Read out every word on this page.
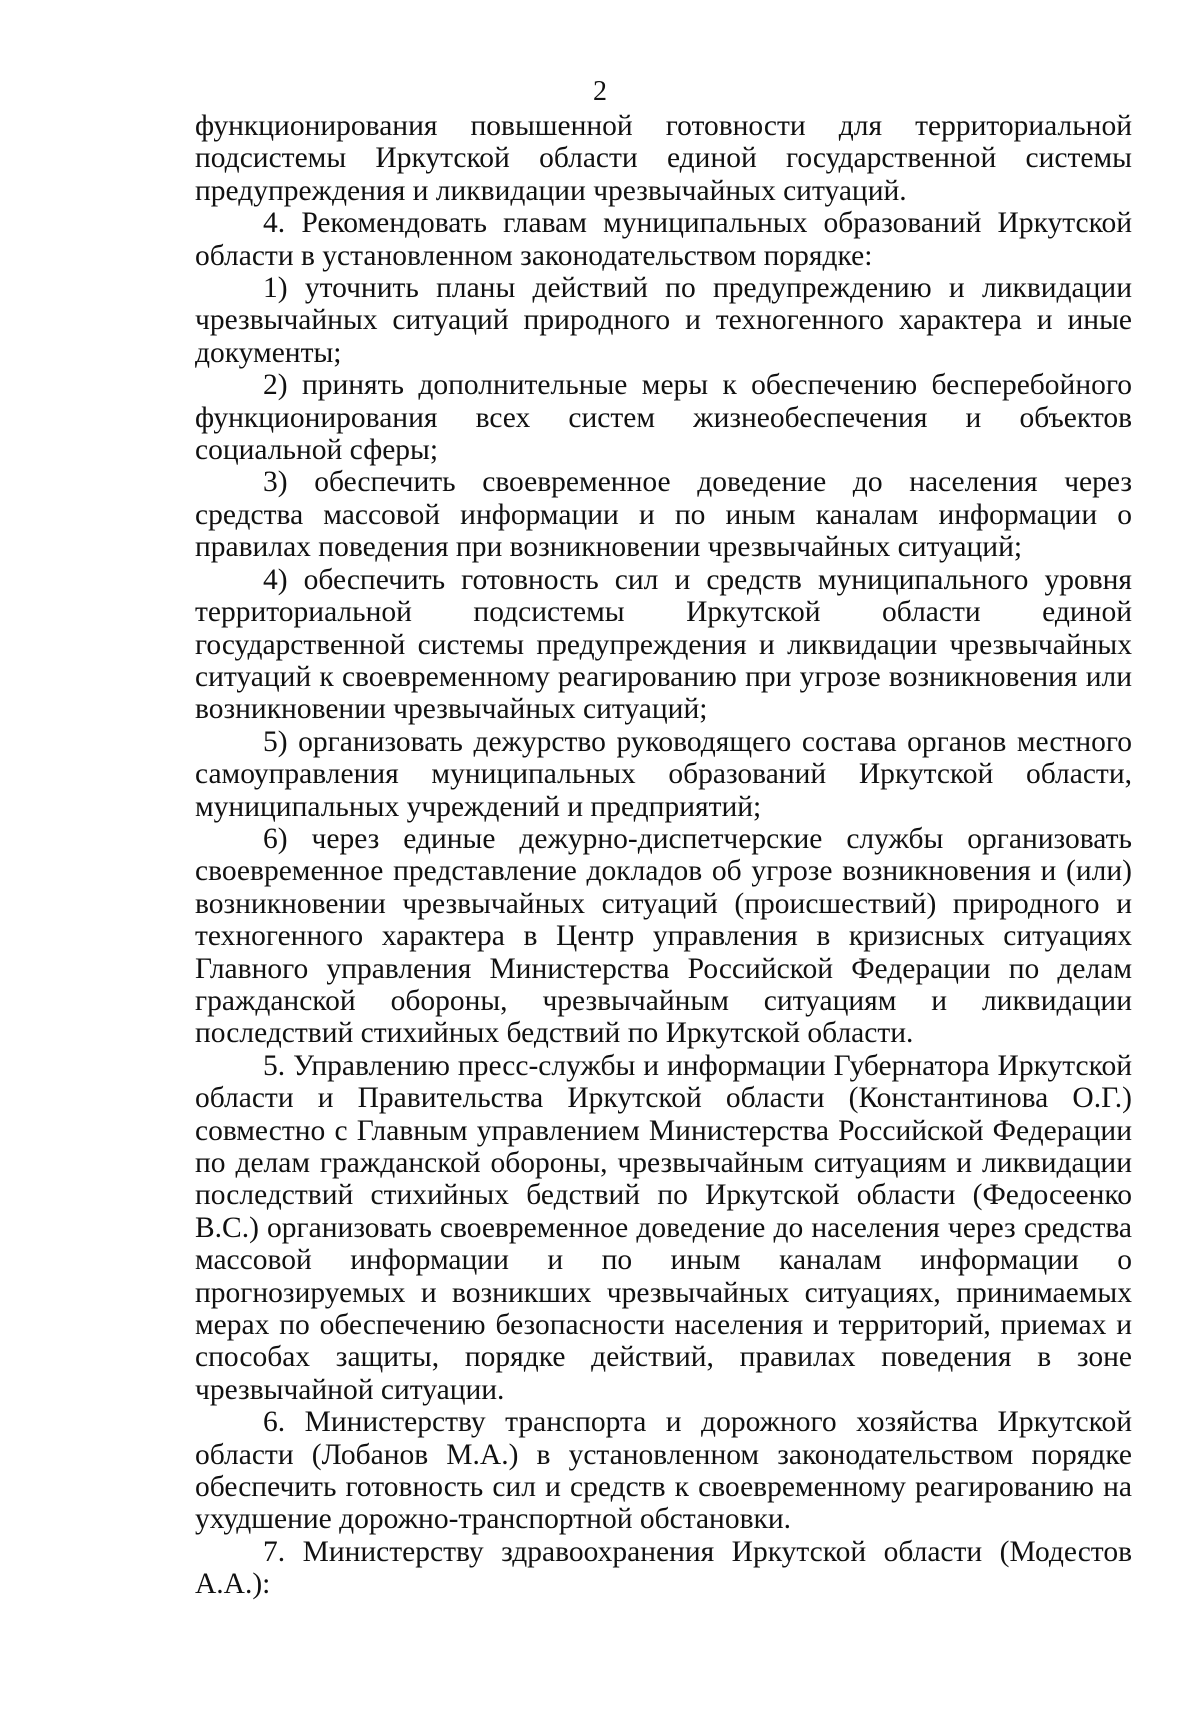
2

функционирования повышенной готовности для территориальной подсистемы Иркутской области единой государственной системы предупреждения и ликвидации чрезвычайных ситуаций.

4. Рекомендовать главам муниципальных образований Иркутской области в установленном законодательством порядке:

1) уточнить планы действий по предупреждению и ликвидации чрезвычайных ситуаций природного и техногенного характера и иные документы;

2) принять дополнительные меры к обеспечению бесперебойного функционирования всех систем жизнеобеспечения и объектов социальной сферы;

3) обеспечить своевременное доведение до населения через средства массовой информации и по иным каналам информации о правилах поведения при возникновении чрезвычайных ситуаций;

4) обеспечить готовность сил и средств муниципального уровня территориальной подсистемы Иркутской области единой государственной системы предупреждения и ликвидации чрезвычайных ситуаций к своевременному реагированию при угрозе возникновения или возникновении чрезвычайных ситуаций;

5) организовать дежурство руководящего состава органов местного самоуправления муниципальных образований Иркутской области, муниципальных учреждений и предприятий;

6) через единые дежурно-диспетчерские службы организовать своевременное представление докладов об угрозе возникновения и (или) возникновении чрезвычайных ситуаций (происшествий) природного и техногенного характера в Центр управления в кризисных ситуациях Главного управления Министерства Российской Федерации по делам гражданской обороны, чрезвычайным ситуациям и ликвидации последствий стихийных бедствий по Иркутской области.

5. Управлению пресс-службы и информации Губернатора Иркутской области и Правительства Иркутской области (Константинова О.Г.) совместно с Главным управлением Министерства Российской Федерации по делам гражданской обороны, чрезвычайным ситуациям и ликвидации последствий стихийных бедствий по Иркутской области (Федосеенко В.С.) организовать своевременное доведение до населения через средства массовой информации и по иным каналам информации о прогнозируемых и возникших чрезвычайных ситуациях, принимаемых мерах по обеспечению безопасности населения и территорий, приемах и способах защиты, порядке действий, правилах поведения в зоне чрезвычайной ситуации.

6. Министерству транспорта и дорожного хозяйства Иркутской области (Лобанов М.А.) в установленном законодательством порядке обеспечить готовность сил и средств к своевременному реагированию на ухудшение дорожно-транспортной обстановки.

7. Министерству здравоохранения Иркутской области (Модестов А.А.):
